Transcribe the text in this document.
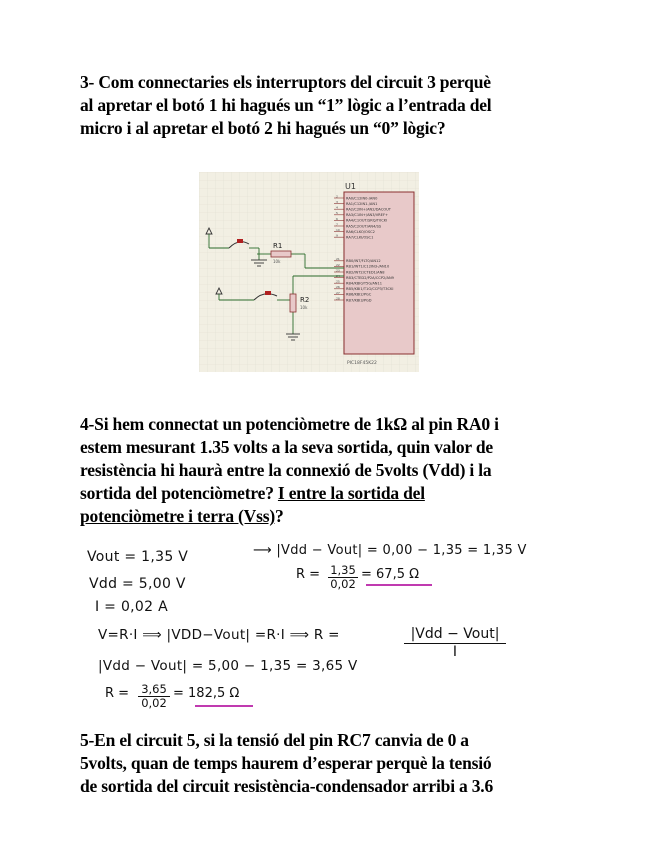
3- Com connectaries els interruptors del circuit 3 perquè

al apretar el botó 1 hi hagués un “1” lògic a l’entrada del

micro i al apretar el botó 2 hi hagués un “0” lògic?

U1
2 RA0/C12IN0-/AN0
3 RA1/C12IN1-/AN1
4 RA2/C2IN+/AN2/DACOUT
5 RA3/C1IN+/AN3/VREF+
6 RA4/C1OUT/SRQ/T0CKI
7 RA5/C2OUT/AN4/SS
10 RA6/CLKO/OSC2
9 RA7/CLKI/OSC1
21 RB0/INT/FLT0/AN12
22 RB1/INT1/C12IN3-/AN10
23 RB2/INT2/CTED1/AN8
24 RB3/CTED2/P2A/CCP2/AN9
25 RB4/KBI0/T5G/AN11
26 RB5/KBI1/T1G/CCP3/T3CKI
27 RB6/KBI2/PGC
28 RB7/KBI3/PGD
PIC18F45K22
R1
10k
R2
10k

4-Si hem connectat un potenciòmetre de 1kΩ al pin RA0 i

estem mesurant 1.35 volts a la seva sortida, quin valor de

resistència hi haurà entre la connexió de 5volts (Vdd) i la

sortida del potenciòmetre? I entre la sortida del

potenciòmetre i terra (Vss)?

Vout = 1,35 V
Vdd = 5,00 V
I = 0,02 A
⟶ |Vdd − Vout| = 0,00 − 1,35 = 1,35 V
$R = \frac{1,35}{0,02} = 67,5$ Ω
V=R·I ⟹ |VDD−Vout| =R·I ⟹ R =	|Vdd − Vout|
I
|Vdd − Vout| = 5,00 − 1,35 = 3,65 V
$R = \frac{3,65}{0,02} = 182,5$ Ω

5-En el circuit 5, si la tensió del pin RC7 canvia de 0 a

5volts, quan de temps haurem d’esperar perquè la tensió

de sortida del circuit resistència-condensador arribi a 3.6
